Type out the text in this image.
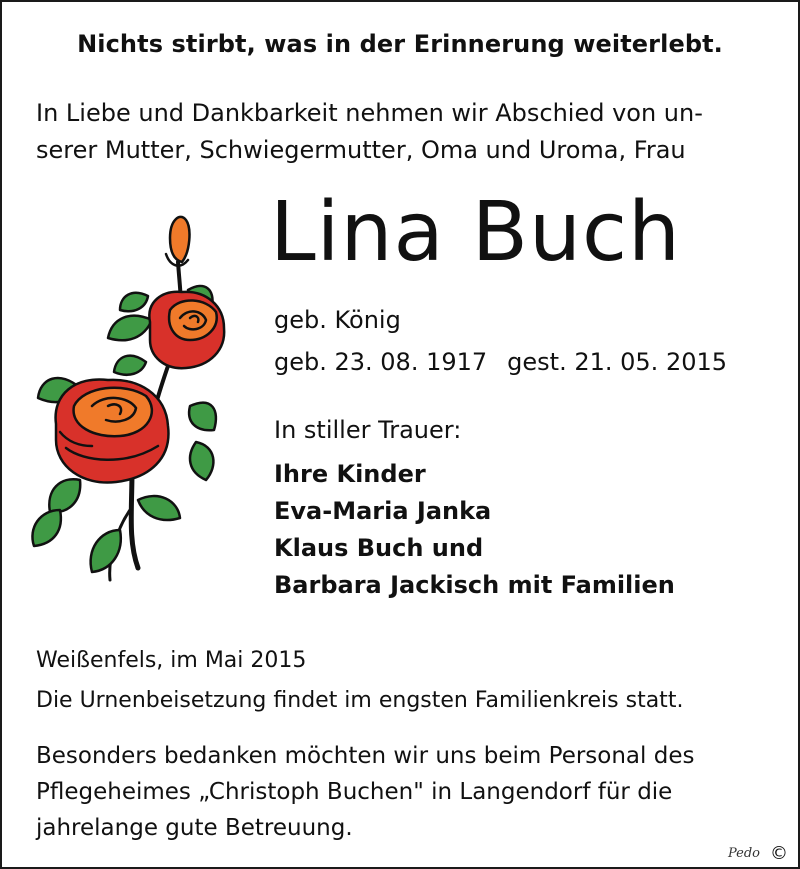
Nichts stirbt, was in der Erinnerung weiterlebt.
In Liebe und Dankbarkeit nehmen wir Abschied von un-
serer Mutter, Schwiegermutter, Oma und Uroma, Frau
Lina Buch
geb. König
geb. 23. 08. 1917 gest. 21. 05. 2015
In stiller Trauer:
Ihre Kinder
Eva-Maria Janka
Klaus Buch und
Barbara Jackisch mit Familien
Weißenfels, im Mai 2015
Die Urnenbeisetzung findet im engsten Familienkreis statt.
Besonders bedanken möchten wir uns beim Personal des
Pflegeheimes „Christoph Buchen" in Langendorf für die
jahrelange gute Betreuung.
Pedo ©
